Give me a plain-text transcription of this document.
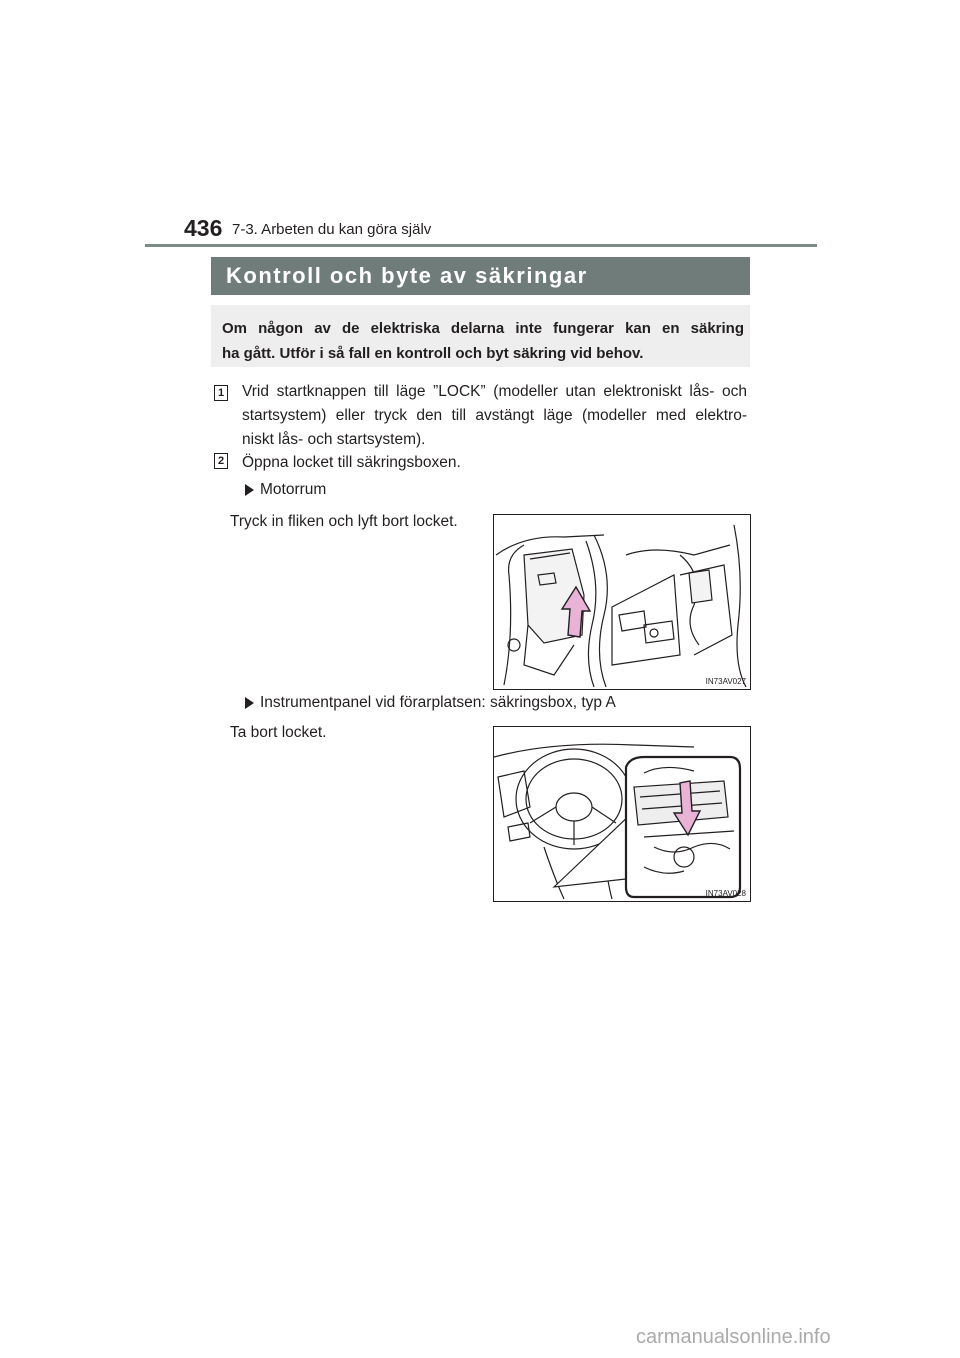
436 7-3. Arbeten du kan göra själv
Kontroll och byte av säkringar
Om någon av de elektriska delarna inte fungerar kan en säkring
ha gått. Utför i så fall en kontroll och byt säkring vid behov.
1 Vrid startknappen till läge ”LOCK” (modeller utan elektroniskt lås- och
startsystem) eller tryck den till avstängt läge (modeller med elektro-
niskt lås- och startsystem).
2 Öppna locket till säkringsboxen.
Motorrum
Tryck in fliken och lyft bort locket.
IN73AV027
Instrumentpanel vid förarplatsen: säkringsbox, typ A
Ta bort locket.
IN73AV028
carmanualsonline.info
